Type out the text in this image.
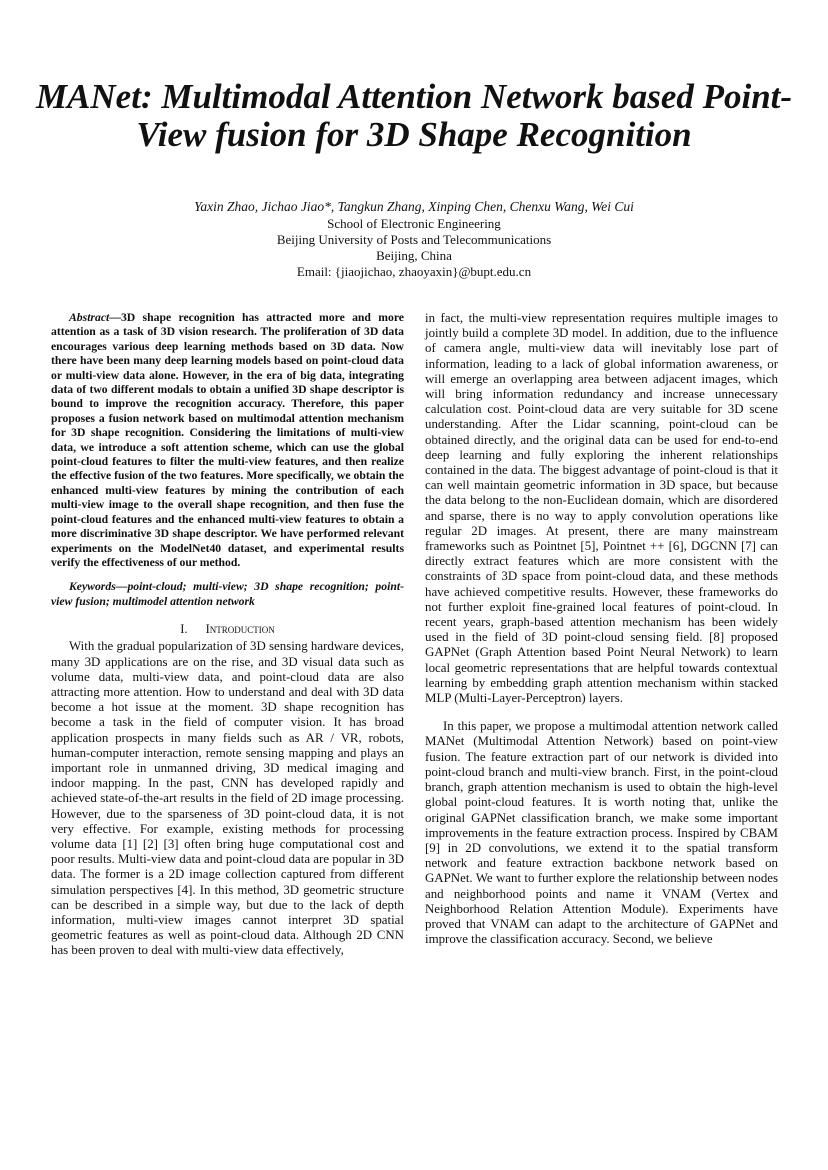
MANet: Multimodal Attention Network based Point-View fusion for 3D Shape Recognition

Yaxin Zhao, Jichao Jiao*, Tangkun Zhang, Xinping Chen, Chenxu Wang, Wei Cui

School of Electronic Engineering
Beijing University of Posts and Telecommunications
Beijing, China
Email: {jiaojichao, zhaoyaxin}@bupt.edu.cn

Abstract—3D shape recognition has attracted more and more attention as a task of 3D vision research. The proliferation of 3D data encourages various deep learning methods based on 3D data. Now there have been many deep learning models based on point-cloud data or multi-view data alone. However, in the era of big data, integrating data of two different modals to obtain a unified 3D shape descriptor is bound to improve the recognition accuracy. Therefore, this paper proposes a fusion network based on multimodal attention mechanism for 3D shape recognition. Considering the limitations of multi-view data, we introduce a soft attention scheme, which can use the global point-cloud features to filter the multi-view features, and then realize the effective fusion of the two features. More specifically, we obtain the enhanced multi-view features by mining the contribution of each multi-view image to the overall shape recognition, and then fuse the point-cloud features and the enhanced multi-view features to obtain a more discriminative 3D shape descriptor. We have performed relevant experiments on the ModelNet40 dataset, and experimental results verify the effectiveness of our method.

Keywords—point-cloud; multi-view; 3D shape recognition; point-view fusion; multimodel attention network

I. Introduction

With the gradual popularization of 3D sensing hardware devices, many 3D applications are on the rise, and 3D visual data such as volume data, multi-view data, and point-cloud data are also attracting more attention. How to understand and deal with 3D data become a hot issue at the moment. 3D shape recognition has become a task in the field of computer vision. It has broad application prospects in many fields such as AR / VR, robots, human-computer interaction, remote sensing mapping and plays an important role in unmanned driving, 3D medical imaging and indoor mapping. In the past, CNN has developed rapidly and achieved state-of-the-art results in the field of 2D image processing. However, due to the sparseness of 3D point-cloud data, it is not very effective. For example, existing methods for processing volume data [1] [2] [3] often bring huge computational cost and poor results. Multi-view data and point-cloud data are popular in 3D data. The former is a 2D image collection captured from different simulation perspectives [4]. In this method, 3D geometric structure can be described in a simple way, but due to the lack of depth information, multi-view images cannot interpret 3D spatial geometric features as well as point-cloud data. Although 2D CNN has been proven to deal with multi-view data effectively,

in fact, the multi-view representation requires multiple images to jointly build a complete 3D model. In addition, due to the influence of camera angle, multi-view data will inevitably lose part of information, leading to a lack of global information awareness, or will emerge an overlapping area between adjacent images, which will bring information redundancy and increase unnecessary calculation cost. Point-cloud data are very suitable for 3D scene understanding. After the Lidar scanning, point-cloud can be obtained directly, and the original data can be used for end-to-end deep learning and fully exploring the inherent relationships contained in the data. The biggest advantage of point-cloud is that it can well maintain geometric information in 3D space, but because the data belong to the non-Euclidean domain, which are disordered and sparse, there is no way to apply convolution operations like regular 2D images. At present, there are many mainstream frameworks such as Pointnet [5], Pointnet ++ [6], DGCNN [7] can directly extract features which are more consistent with the constraints of 3D space from point-cloud data, and these methods have achieved competitive results. However, these frameworks do not further exploit fine-grained local features of point-cloud. In recent years, graph-based attention mechanism has been widely used in the field of 3D point-cloud sensing field. [8] proposed GAPNet (Graph Attention based Point Neural Network) to learn local geometric representations that are helpful towards contextual learning by embedding graph attention mechanism within stacked MLP (Multi-Layer-Perceptron) layers.

In this paper, we propose a multimodal attention network called MANet (Multimodal Attention Network) based on point-view fusion. The feature extraction part of our network is divided into point-cloud branch and multi-view branch. First, in the point-cloud branch, graph attention mechanism is used to obtain the high-level global point-cloud features. It is worth noting that, unlike the original GAPNet classification branch, we make some important improvements in the feature extraction process. Inspired by CBAM [9] in 2D convolutions, we extend it to the spatial transform network and feature extraction backbone network based on GAPNet. We want to further explore the relationship between nodes and neighborhood points and name it VNAM (Vertex and Neighborhood Relation Attention Module). Experiments have proved that VNAM can adapt to the architecture of GAPNet and improve the classification accuracy. Second, we believe
